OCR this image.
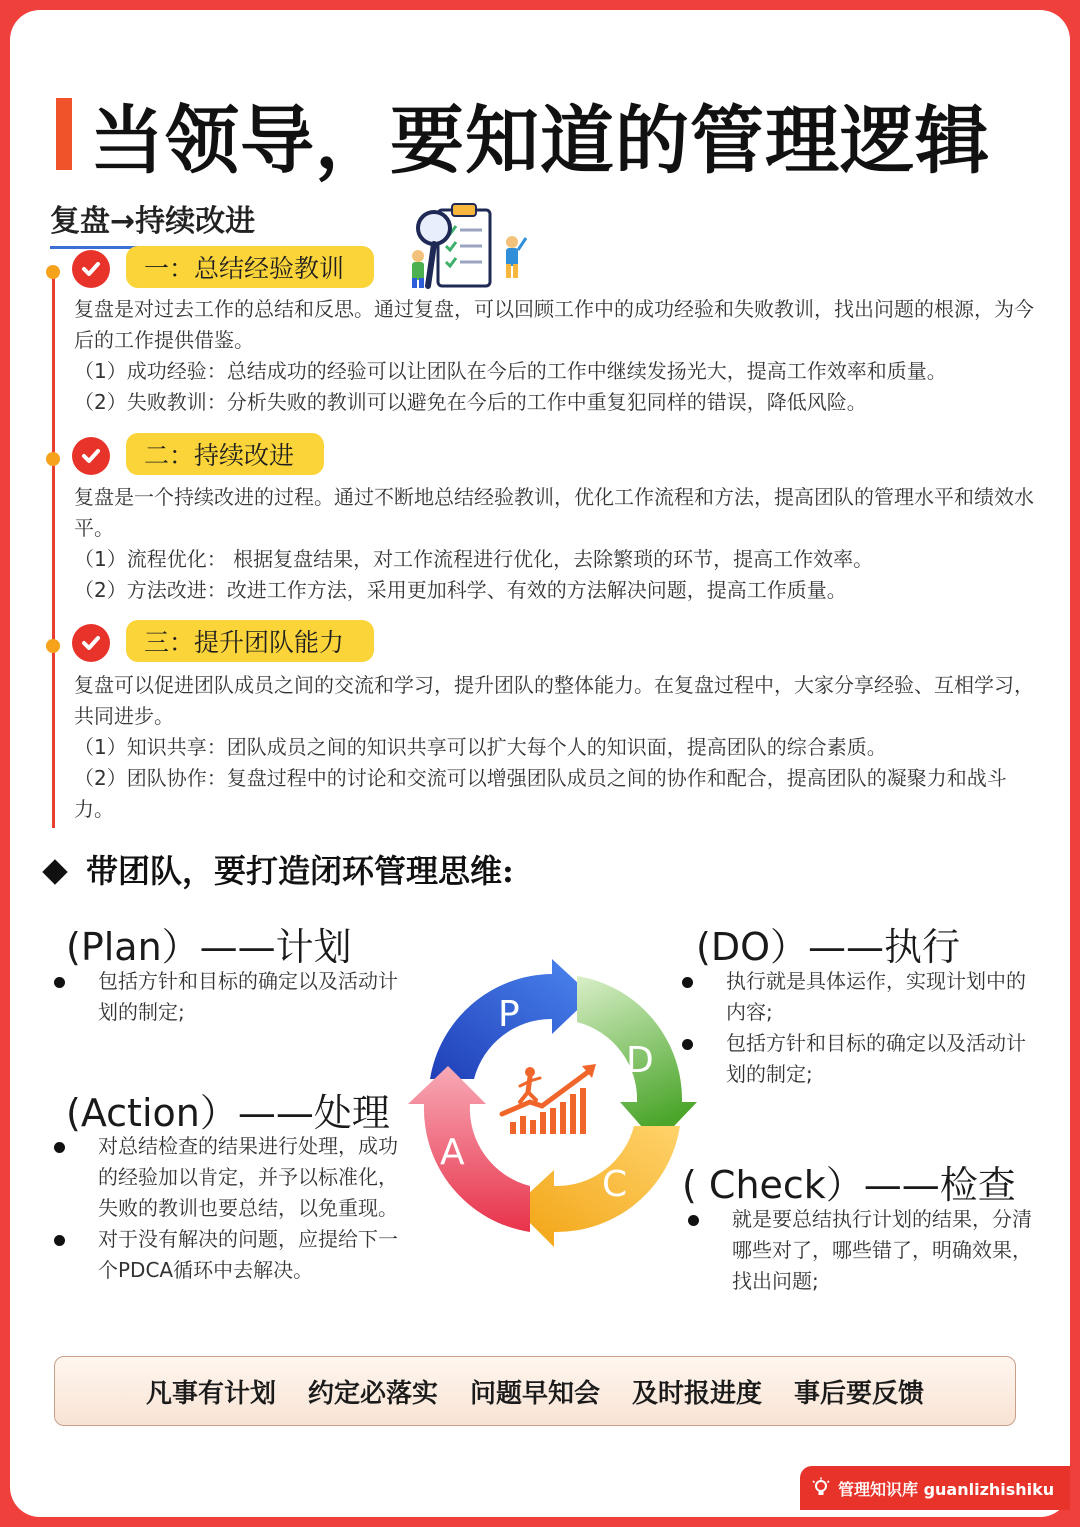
当领导，要知道的管理逻辑
复盘→持续改进
一：总结经验教训

复盘是对过去工作的总结和反思。通过复盘，可以回顾工作中的成功经验和失败教训，找出问题的根源，为今后的工作提供借鉴。

（1）成功经验：总结成功的经验可以让团队在今后的工作中继续发扬光大，提高工作效率和质量。

（2）失败教训：分析失败的教训可以避免在今后的工作中重复犯同样的错误，降低风险。

二：持续改进

复盘是一个持续改进的过程。通过不断地总结经验教训，优化工作流程和方法，提高团队的管理水平和绩效水平。

（1）流程优化： 根据复盘结果，对工作流程进行优化，去除繁琐的环节，提高工作效率。

（2）方法改进：改进工作方法，采用更加科学、有效的方法解决问题，提高工作质量。

三：提升团队能力

复盘可以促进团队成员之间的交流和学习，提升团队的整体能力。在复盘过程中，大家分享经验、互相学习，共同进步。

（1）知识共享：团队成员之间的知识共享可以扩大每个人的知识面，提高团队的综合素质。

（2）团队协作：复盘过程中的讨论和交流可以增强团队成员之间的协作和配合，提高团队的凝聚力和战斗力。

带团队，要打造闭环管理思维:
(Plan）——计划
包括方针和目标的确定以及活动计划的制定;
(Action）——处理
对总结检查的结果进行处理，成功的经验加以肯定，并予以标准化，失败的教训也要总结，以免重现。
对于没有解决的问题，应提给下一个PDCA循环中去解决。
(DO）——执行
执行就是具体运作，实现计划中的内容;
包括方针和目标的确定以及活动计划的制定;
( Check）——检查
就是要总结执行计划的结果，分清哪些对了，哪些错了，明确效果，找出问题;
P
D
C
A
凡事有计划 约定必落实 问题早知会 及时报进度 事后要反馈
管理知识库 guanlizhishiku
